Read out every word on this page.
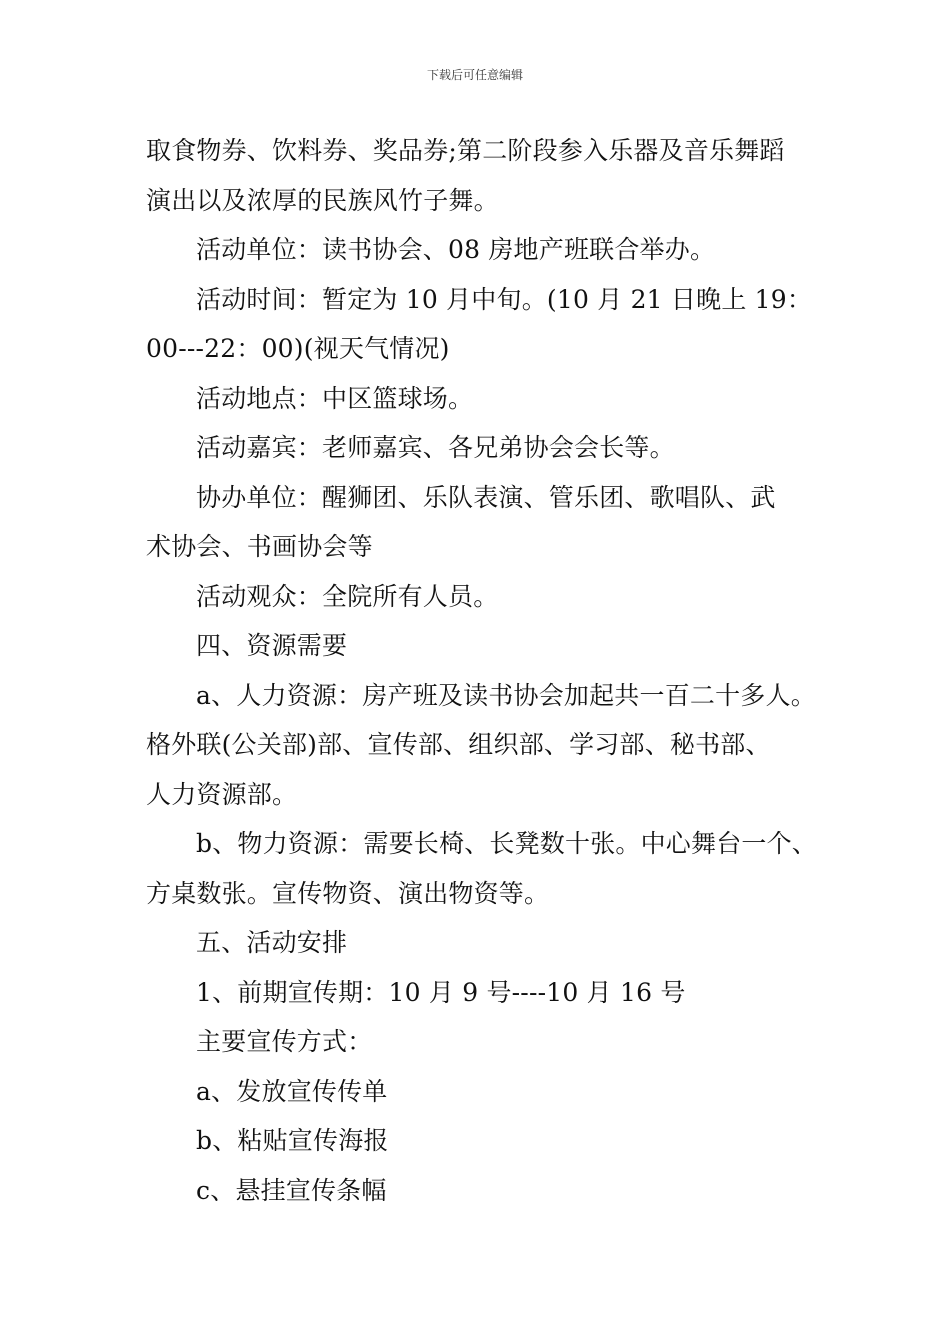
下载后可任意编辑
取食物券、饮料券、奖品券;第二阶段参入乐器及音乐舞蹈
演出以及浓厚的民族风竹子舞。
活动单位：读书协会、08 房地产班联合举办。
活动时间：暂定为 10 月中旬。(10 月 21 日晚上 19：
00---22：00)(视天气情况)
活动地点：中区篮球场。
活动嘉宾：老师嘉宾、各兄弟协会会长等。
协办单位：醒狮团、乐队表演、管乐团、歌唱队、武
术协会、书画协会等
活动观众：全院所有人员。
四、资源需要
a、人力资源：房产班及读书协会加起共一百二十多人。
格外联(公关部)部、宣传部、组织部、学习部、秘书部、
人力资源部。
b、物力资源：需要长椅、长凳数十张。中心舞台一个、
方桌数张。宣传物资、演出物资等。
五、活动安排
1、前期宣传期：10 月 9 号----10 月 16 号
主要宣传方式：
a、发放宣传传单
b、粘贴宣传海报
c、悬挂宣传条幅
